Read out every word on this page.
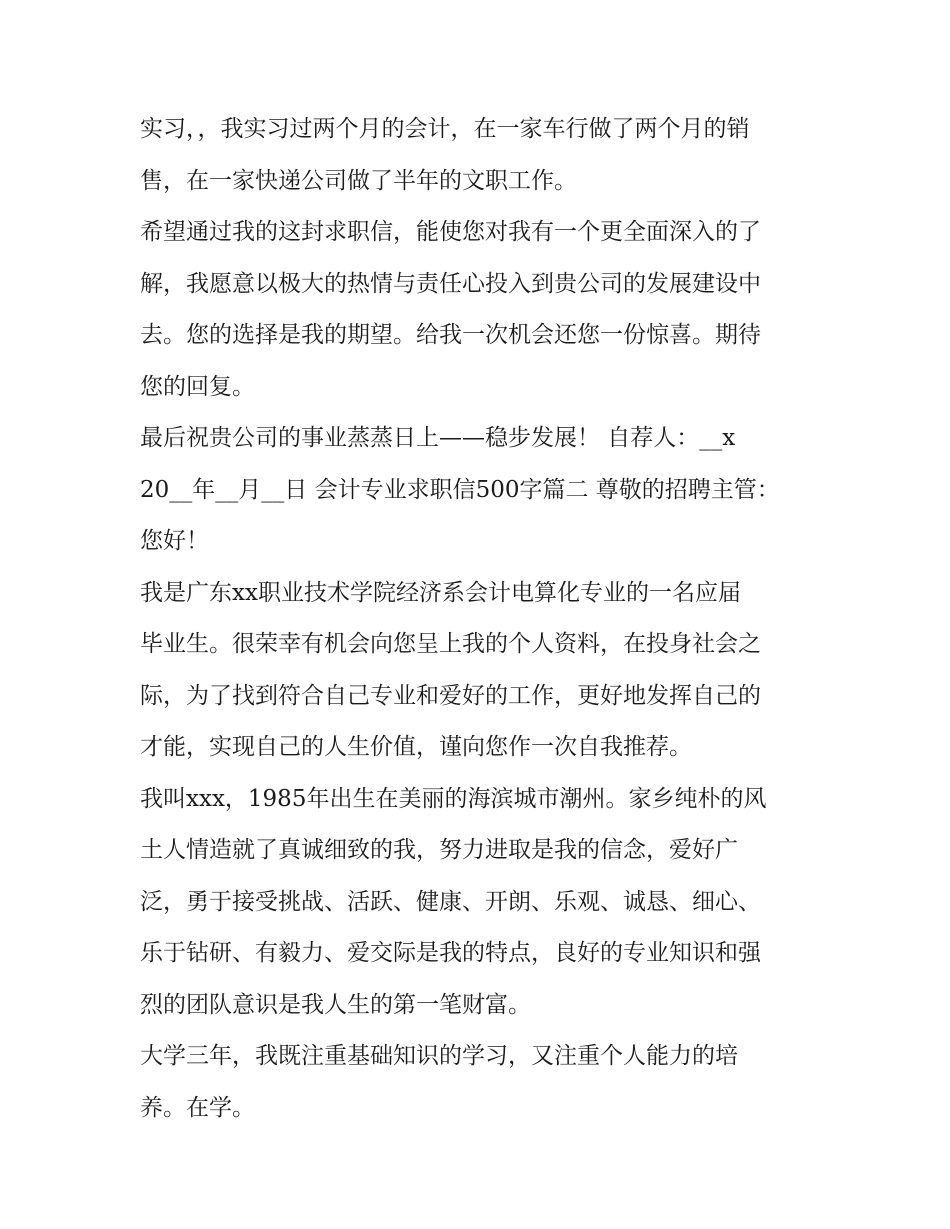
实习，，我实习过两个月的会计，在一家车行做了两个月的销
售，在一家快递公司做了半年的文职工作。
希望通过我的这封求职信，能使您对我有一个更全面深入的了
解，我愿意以极大的热情与责任心投入到贵公司的发展建设中
去。您的选择是我的期望。给我一次机会还您一份惊喜。期待
您的回复。
最后祝贵公司的事业蒸蒸日上——稳步发展！ 自荐人：__x
20__年__月__日 会计专业求职信500字篇二 尊敬的招聘主管：
您好！
我是广东xx职业技术学院经济系会计电算化专业的一名应届
毕业生。很荣幸有机会向您呈上我的个人资料，在投身社会之
际，为了找到符合自己专业和爱好的工作，更好地发挥自己的
才能，实现自己的人生价值，谨向您作一次自我推荐。
我叫xxx，1985年出生在美丽的海滨城市潮州。家乡纯朴的风
土人情造就了真诚细致的我，努力进取是我的信念，爱好广
泛，勇于接受挑战、活跃、健康、开朗、乐观、诚恳、细心、
乐于钻研、有毅力、爱交际是我的特点，良好的专业知识和强
烈的团队意识是我人生的第一笔财富。
大学三年，我既注重基础知识的学习，又注重个人能力的培
养。在学。
